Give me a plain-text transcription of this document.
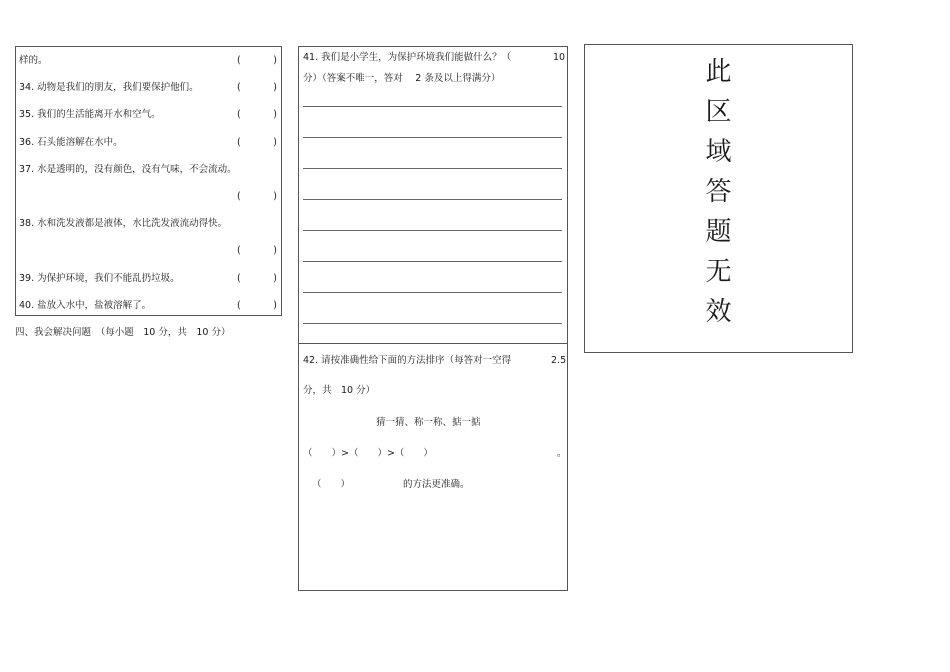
样的。	(	)
34. 动物是我们的朋友，我们要保护他们。	(	)
35. 我们的生活能离开水和空气。	(	)
36. 石头能溶解在水中。	(	)
37. 水是透明的，没有颜色，没有气味，不会流动。
(	)
38. 水和洗发液都是液体，水比洗发液流动得快。
(	)
39. 为保护环境，我们不能乱扔垃圾。	(	)
40. 盐放入水中，盐被溶解了。	(	)
四、我会解决问题　（每小题　10 分，共　10 分）
41. 我们是小学生，为保护环境我们能做什么？（	10
分）（答案不唯一，答对　 2 条及以上得满分）
42. 请按准确性给下面的方法排序（每答对一空得	2.5
分，共　10 分）
猜一猜、称一称、掂一掂
（　　）>（　　）>（　　）	。
（　　）	的方法更准确。
此
区
域
答
题
无
效
